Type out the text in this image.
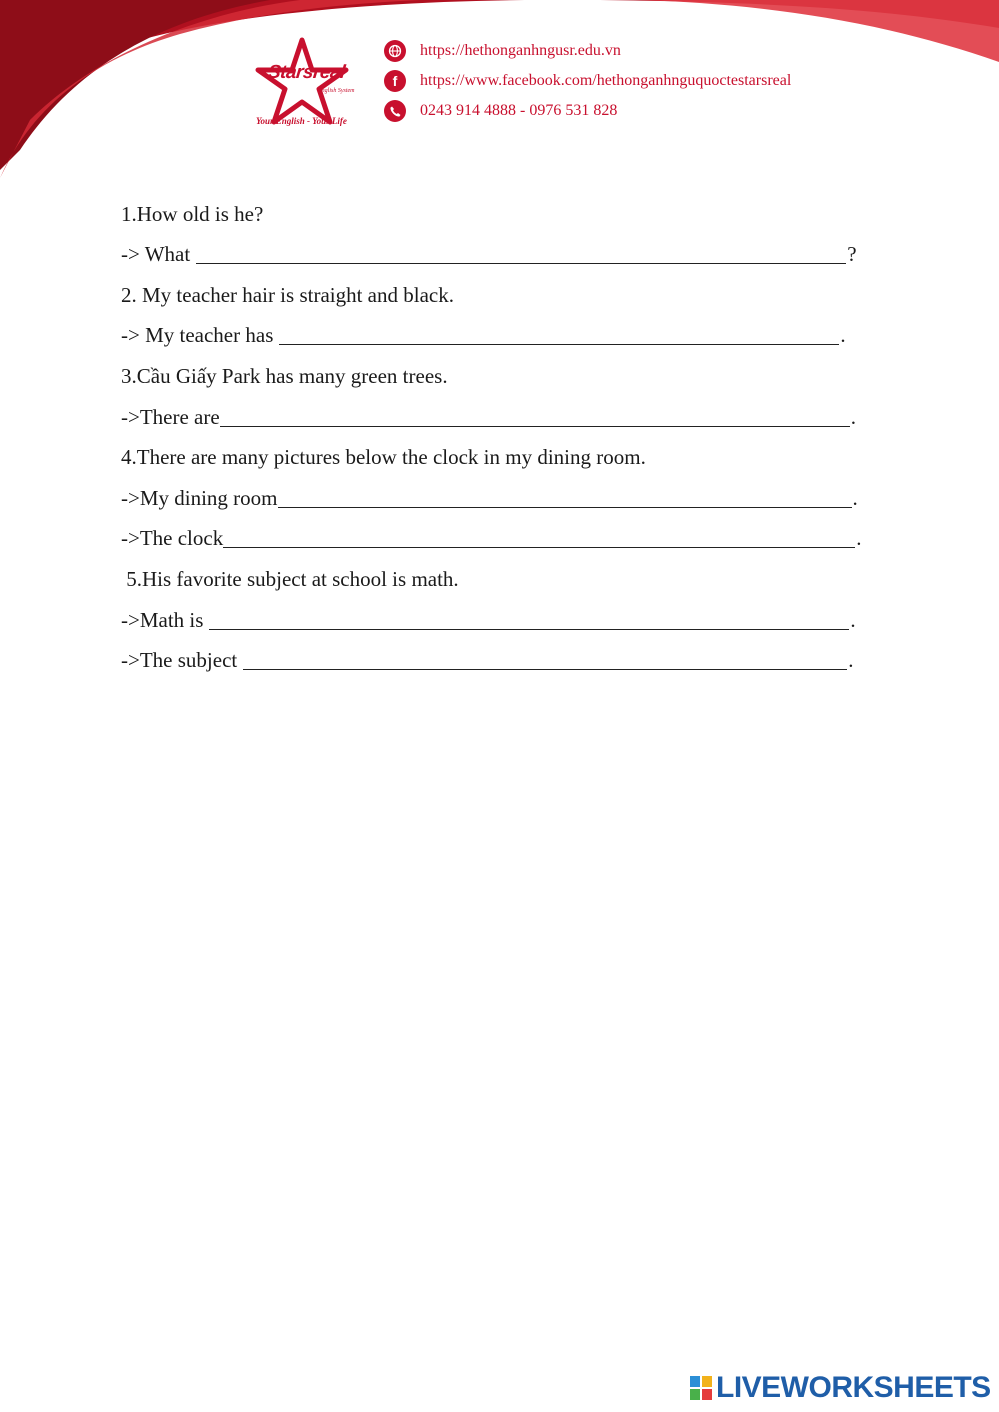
Starsreal
English System
Your English - Your Life
https://hethonganhngusr.edu.vn
f	https://www.facebook.com/hethonganhnguquoctestarsreal
0243 914 4888 - 0976 531 828
1.How old is he?
-> What	?
2. My teacher hair is straight and black.
-> My teacher has	.
3.Cầu Giấy Park has many green trees.
->There are	.
4.There are many pictures below the clock in my dining room.
->My dining room	.
->The clock	.
5.His favorite subject at school is math.
->Math is	.
->The subject	.
LIVEWORKSHEETS
